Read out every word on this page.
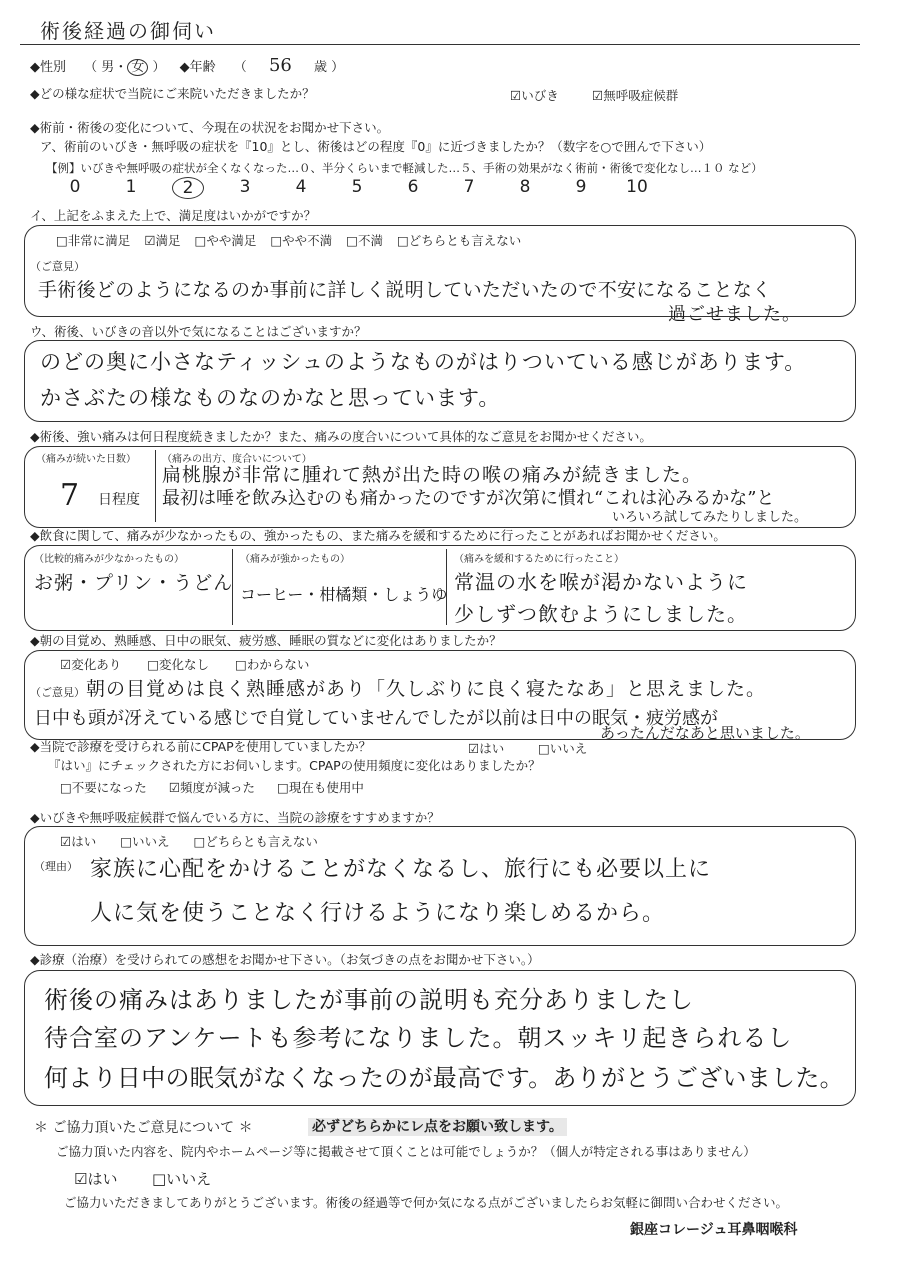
術後経過の御伺い
◆性別 （ 男・ 女 ） ◆年齢 （ 56 歳 ）
◆どの様な症状で当院にご来院いただきましたか？	☑いびき	☑無呼吸症候群
◆術前・術後の変化について、今現在の状況をお聞かせ下さい。
ア、術前のいびき・無呼吸の症状を『10』とし、術後はどの程度『0』に近づきましたか？（数字を○で囲んで下さい）
【例】いびきや無呼吸の症状が全くなくなった…０、半分くらいまで軽減した…５、手術の効果がなく術前・術後で変化なし…１０ など）
0	1	2	3	4	5	6	7	8	9	10
イ、上記をふまえた上で、満足度はいかがですか？
□非常に満足 ☑満足 □やや満足 □やや不満 □不満 □どちらとも言えない
（ご意見）
手術後どのようになるのか事前に詳しく説明していただいたので不安になることなく
過ごせました。
ウ、術後、いびきの音以外で気になることはございますか？
のどの奥に小さなティッシュのようなものがはりついている感じがあります。
かさぶたの様なものなのかなと思っています。
◆術後、強い痛みは何日程度続きましたか？また、痛みの度合いについて具体的なご意見をお聞かせください。
（痛みが続いた日数）
7 日程度
（痛みの出方、度合いについて）
扁桃腺が非常に腫れて熱が出た時の喉の痛みが続きました。
最初は唾を飲み込むのも痛かったのですが次第に慣れ“これは沁みるかな”と
いろいろ試してみたりしました。
◆飲食に関して、痛みが少なかったもの、強かったもの、また痛みを緩和するために行ったことがあればお聞かせください。
（比較的痛みが少なかったもの）
お粥・プリン・うどん
（痛みが強かったもの）
コーヒー・柑橘類・しょうゆ
（痛みを緩和するために行ったこと）
常温の水を喉が渇かないように
少しずつ飲むようにしました。
◆朝の目覚め、熟睡感、日中の眠気、疲労感、睡眠の質などに変化はありましたか？
☑変化あり □変化なし □わからない
（ご意見） 朝の目覚めは良く熟睡感があり「久しぶりに良く寝たなあ」と思えました。
日中も頭が冴えている感じで自覚していませんでしたが以前は日中の眠気・疲労感が
あったんだなあと思いました。
◆当院で診療を受けられる前にCPAPを使用していましたか？	☑はい	□いいえ
『はい』にチェックされた方にお伺いします。CPAPの使用頻度に変化はありましたか？
□不要になった ☑頻度が減った □現在も使用中
◆いびきや無呼吸症候群で悩んでいる方に、当院の診療をすすめますか？
☑はい □いいえ □どちらとも言えない
（理由） 家族に心配をかけることがなくなるし、旅行にも必要以上に
人に気を使うことなく行けるようになり楽しめるから。
◆診療（治療）を受けられての感想をお聞かせ下さい。（お気づきの点をお聞かせ下さい。）
術後の痛みはありましたが事前の説明も充分ありましたし
待合室のアンケートも参考になりました。朝スッキリ起きられるし
何より日中の眠気がなくなったのが最高です。ありがとうございました。
＊ ご協力頂いたご意見について ＊	必ずどちらかにレ点をお願い致します。
ご協力頂いた内容を、院内やホームページ等に掲載させて頂くことは可能でしょうか？（個人が特定される事はありません）
☑はい □いいえ
ご協力いただきましてありがとうございます。術後の経過等で何か気になる点がございましたらお気軽に御問い合わせください。
銀座コレージュ耳鼻咽喉科
